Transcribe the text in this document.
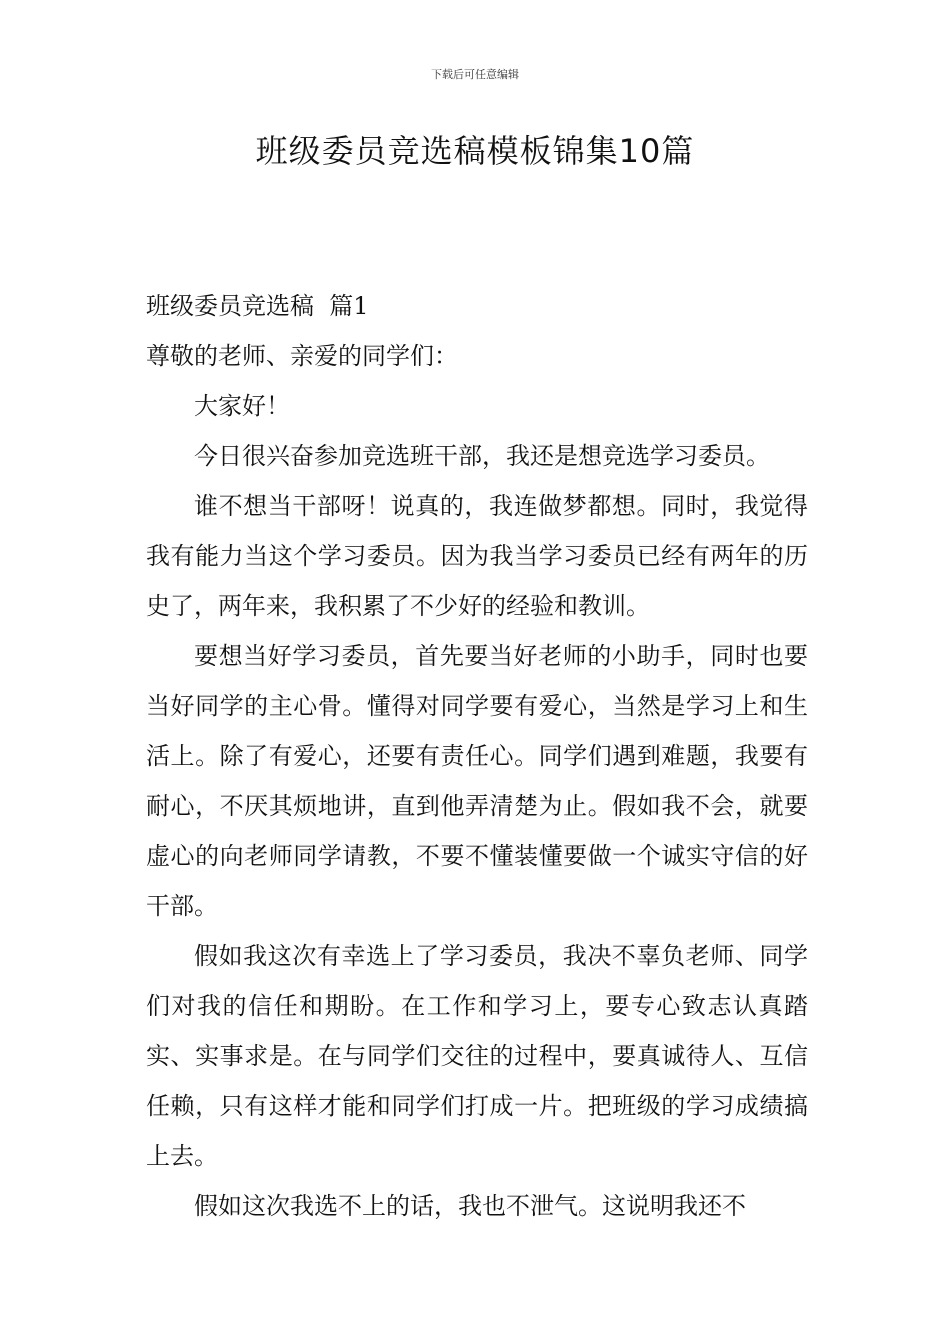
下载后可任意编辑
班级委员竞选稿模板锦集10篇

班级委员竞选稿  篇1

尊敬的老师、亲爱的同学们：

大家好！

今日很兴奋参加竞选班干部，我还是想竞选学习委员。

谁不想当干部呀！说真的，我连做梦都想。同时，我觉得我有能力当这个学习委员。因为我当学习委员已经有两年的历史了，两年来，我积累了不少好的经验和教训。

要想当好学习委员，首先要当好老师的小助手，同时也要当好同学的主心骨。懂得对同学要有爱心，当然是学习上和生活上。除了有爱心，还要有责任心。同学们遇到难题，我要有耐心，不厌其烦地讲，直到他弄清楚为止。假如我不会，就要虚心的向老师同学请教，不要不懂装懂要做一个诚实守信的好干部。

假如我这次有幸选上了学习委员，我决不辜负老师、同学们对我的信任和期盼。在工作和学习上，要专心致志认真踏实、实事求是。在与同学们交往的过程中，要真诚待人、互信任赖，只有这样才能和同学们打成一片。把班级的学习成绩搞上去。

假如这次我选不上的话，我也不泄气。这说明我还不
